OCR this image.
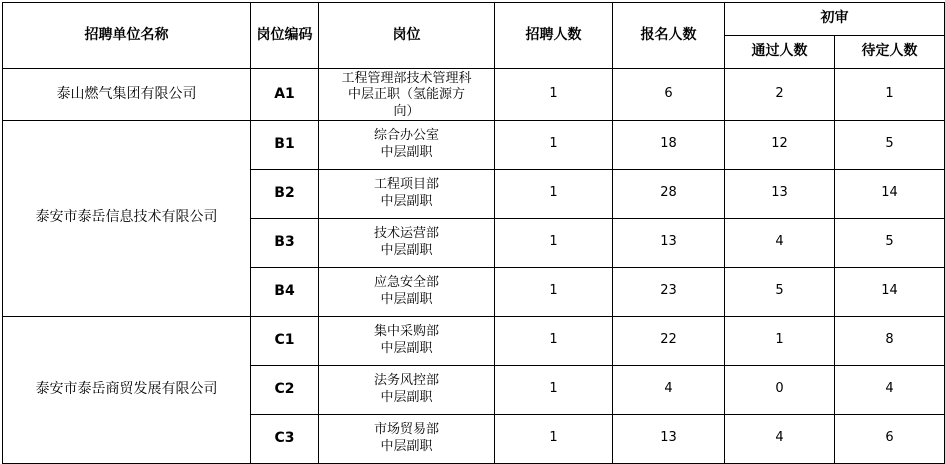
招聘单位名称	岗位编码	岗位	招聘人数	报名人数	初审	
					通过人数	待定人数
泰山燃气集团有限公司	A1	工程管理部技术管理科
中层正职（氢能源方
向）	1	6	2	1
泰安市泰岳信息技术有限公司	B1	综合办公室
中层副职	1	18	12	5
	B2	工程项目部
中层副职	1	28	13	14
	B3	技术运营部
中层副职	1	13	4	5
	B4	应急安全部
中层副职	1	23	5	14
泰安市泰岳商贸发展有限公司	C1	集中采购部
中层副职	1	22	1	8
	C2	法务风控部
中层副职	1	4	0	4
	C3	市场贸易部
中层副职	1	13	4	6
